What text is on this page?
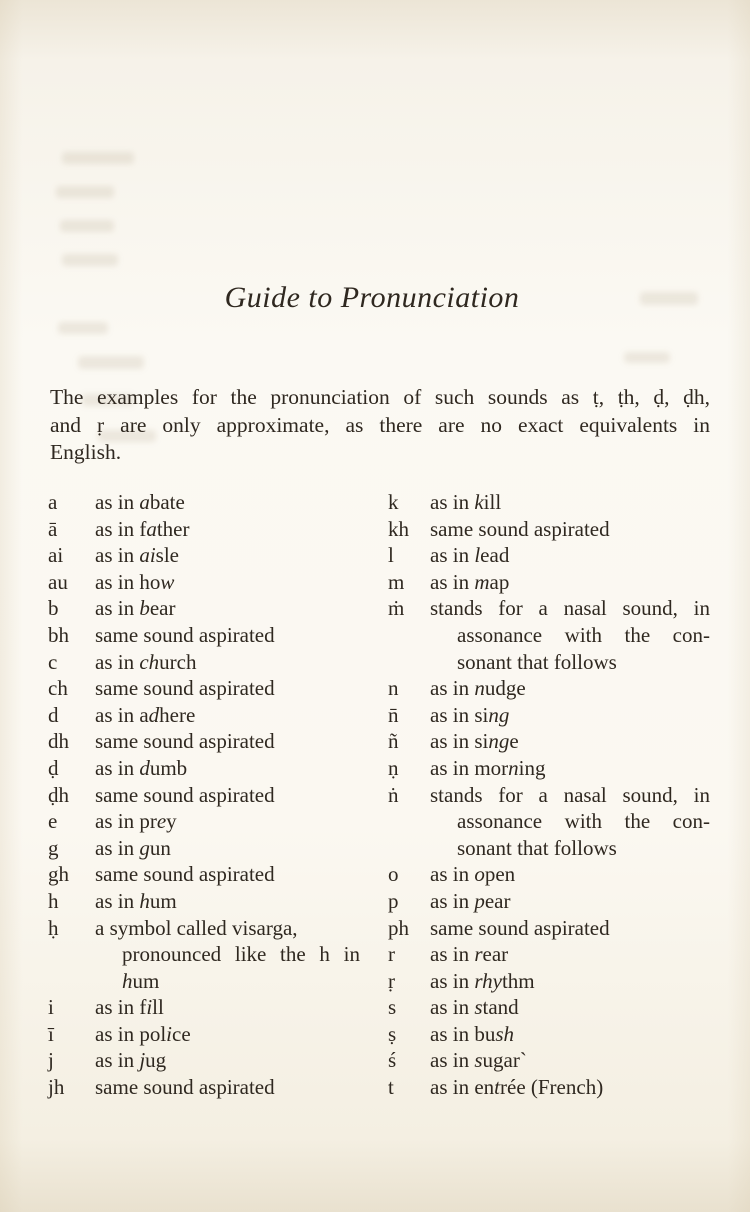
Guide to Pronunciation
The examples for the pronunciation of such sounds as ṭ, ṭh, ḍ, ḍh,
and ṛ are only approximate, as there are no exact equivalents in
English.
a	as in abate
ā	as in father
ai	as in aisle
au	as in how
b	as in bear
bh	same sound aspirated
c	as in church
ch	same sound aspirated
d	as in adhere
dh	same sound aspirated
ḍ	as in dumb
ḍh	same sound aspirated
e	as in prey
g	as in gun
gh	same sound aspirated
h	as in hum
ḥ	a symbol called visarga,
pronounced like the h in
hum
i	as in fill
ī	as in police
j	as in jug
jh	same sound aspirated
k	as in kill
kh	same sound aspirated
l	as in lead
m	as in map
ṁ	stands for a nasal sound, in
assonance with the con-
sonant that follows
n	as in nudge
n̄	as in sing
ñ	as in singe
ṇ	as in morning
ṅ	stands for a nasal sound, in
assonance with the con-
sonant that follows
o	as in open
p	as in pear
ph	same sound aspirated
r	as in rear
ṛ	as in rhythm
s	as in stand
ṣ	as in bush
ś	as in sugar`
t	as in entrée (French)
